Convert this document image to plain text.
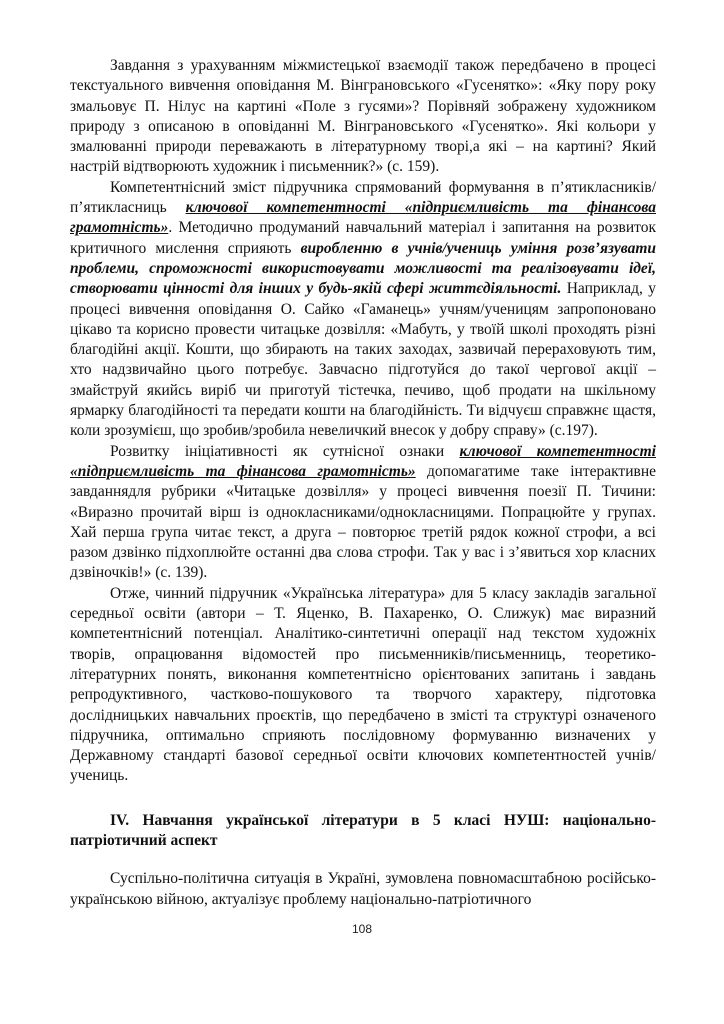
Завдання з урахуванням міжмистецької взаємодії також передбачено в процесі текстуального вивчення оповідання М. Вінграновського «Гусенятко»: «Яку пору року змальовує П. Нілус на картині «Поле з гусями»? Порівняй зображену художником природу з описаною в оповіданні М. Вінграновського «Гусенятко». Які кольори у змалюванні природи переважають в літературному творі,а які – на картині? Який настрій відтворюють художник і письменник?» (с. 159).

Компетентнісний зміст підручника спрямований формування в п’ятикласників/п’ятикласниць ключової компетентності «підприємливість та фінансова грамотність». Методично продуманий навчальний матеріал і запитання на розвиток критичного мислення сприяють виробленню в учнів/учениць уміння розв’язувати проблеми, спроможності використовувати можливості та реалізовувати ідеї, створювати цінності для інших у будь-якій сфері життєдіяльності. Наприклад, у процесі вивчення оповідання О. Сайко «Гаманець» учням/ученицям запропоновано цікаво та корисно провести читацьке дозвілля: «Мабуть, у твоїй школі проходять різні благодійні акції. Кошти, що збирають на таких заходах, зазвичай перераховують тим, хто надзвичайно цього потребує. Завчасно підготуйся до такої чергової акції – змайструй якийсь виріб чи приготуй тістечка, печиво, щоб продати на шкільному ярмарку благодійності та передати кошти на благодійність. Ти відчуєш справжнє щастя, коли зрозумієш, що зробив/зробила невеличкий внесок у добру справу» (с.197).

Розвитку ініціативності як сутнісної ознаки ключової компетентності «підприємливість та фінансова грамотність» допомагатиме таке інтерактивне завданнядля рубрики «Читацьке дозвілля» у процесі вивчення поезії П. Тичини: «Виразно прочитай вірш із однокласниками/однокласницями. Попрацюйте у групах. Хай перша група читає текст, а друга – повторює третій рядок кожної строфи, а всі разом дзвінко підхоплюйте останні два слова строфи. Так у вас і з’явиться хор класних дзвіночків!» (с. 139).

Отже, чинний підручник «Українська література» для 5 класу закладів загальної середньої освіти (автори – Т. Яценко, В. Пахаренко, О. Слижук) має виразний компетентнісний потенціал. Аналітико-синтетичні операції над текстом художніх творів, опрацювання відомостей про письменників/письменниць, теоретико-літературних понять, виконання компетентнісно орієнтованих запитань і завдань репродуктивного, частково-пошукового та творчого характеру, підготовка дослідницьких навчальних проєктів, що передбачено в змісті та структурі означеного підручника, оптимально сприяють послідовному формуванню визначених у Державному стандарті базової середньої освіти ключових компетентностей учнів/учениць.

IV. Навчання української літератури в 5 класі НУШ: національно-патріотичний аспект

Суспільно-політична ситуація в Україні, зумовлена повномасштабною російсько-українською війною, актуалізує проблему національно-патріотичного

108
